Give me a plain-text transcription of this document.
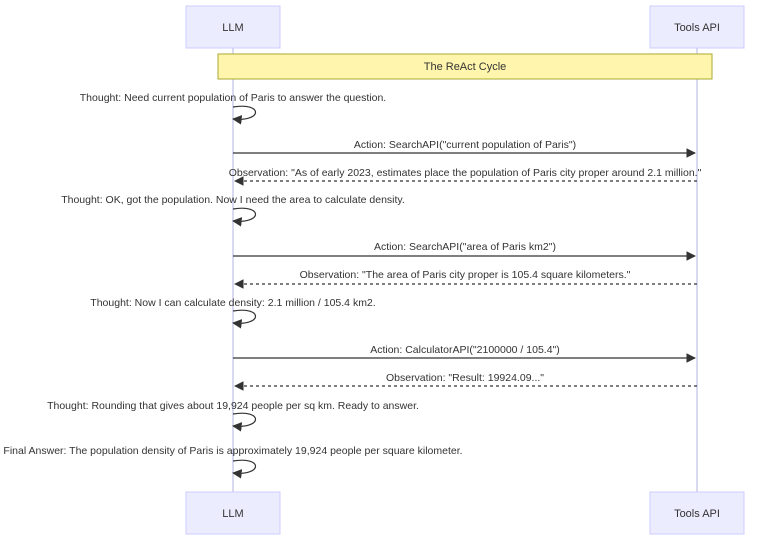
LLM	Tools API
The ReAct Cycle
Thought: Need current population of Paris to answer the question.
Action: SearchAPI("current population of Paris")
Observation: "As of early 2023, estimates place the population of Paris city proper around 2.1 million."
Thought: OK, got the population. Now I need the area to calculate density.
Action: SearchAPI("area of Paris km2")
Observation: "The area of Paris city proper is 105.4 square kilometers."
Thought: Now I can calculate density: 2.1 million / 105.4 km2.
Action: CalculatorAPI("2100000 / 105.4")
Observation: "Result: 19924.09..."
Thought: Rounding that gives about 19,924 people per sq km. Ready to answer.
Final Answer: The population density of Paris is approximately 19,924 people per square kilometer.
LLM	Tools API
